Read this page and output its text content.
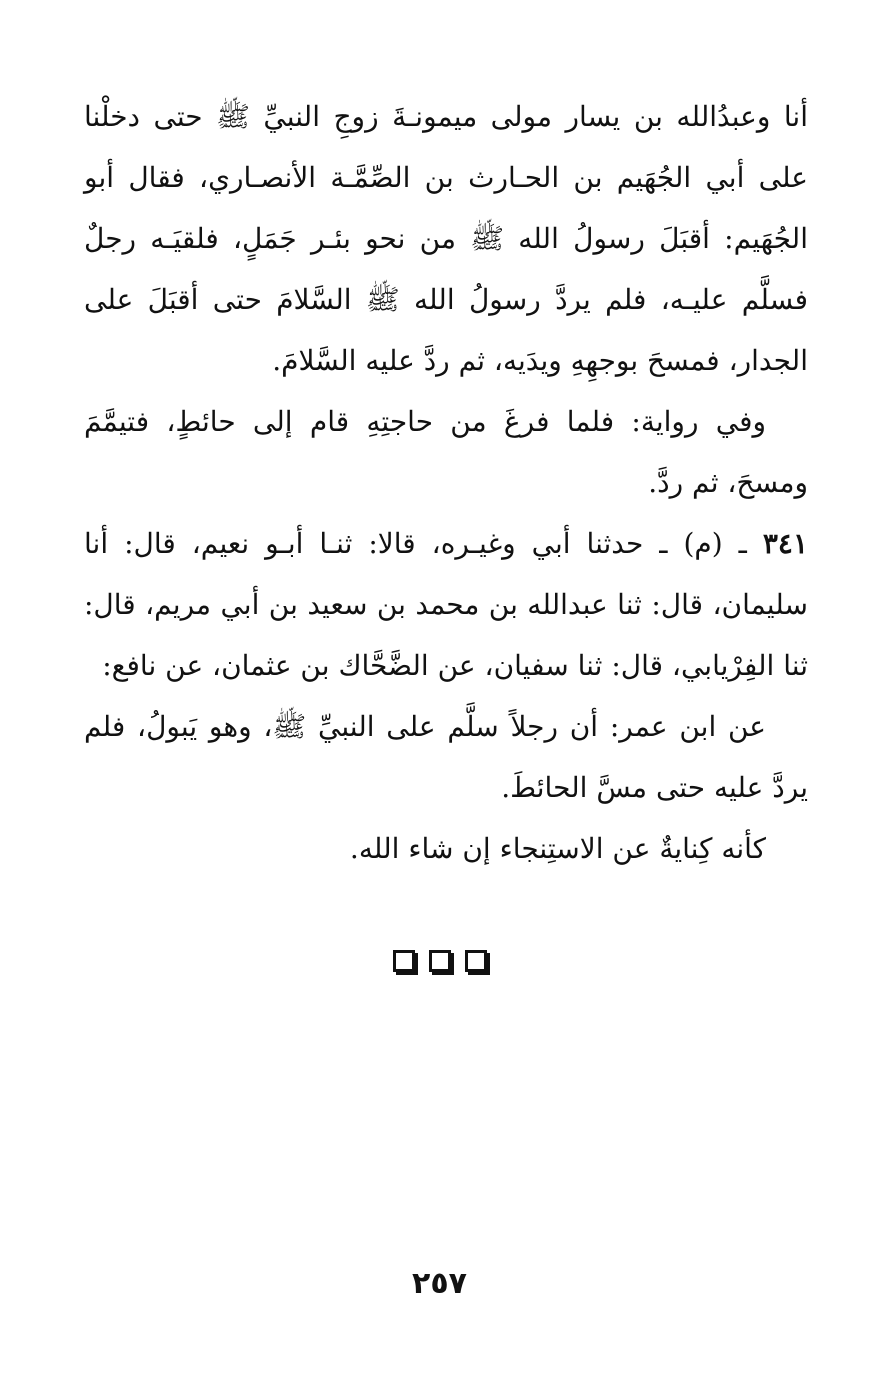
أنا وعبدُالله بن يسار مولى ميمونـةَ زوجِ النبيِّ ﷺ حتى دخلْنا على أبي الجُهَيم بن الحـارث بن الصِّمَّـة الأنصـاري، فقال أبو الجُهَيم: أقبَلَ رسولُ الله ﷺ من نحو بئـر جَمَلٍ، فلقيَـه رجلٌ فسلَّم عليـه، فلم يردَّ رسولُ الله ﷺ السَّلامَ حتى أقبَلَ على الجدار، فمسحَ بوجهِهِ ويدَيه، ثم ردَّ عليه السَّلامَ.

وفي رواية: فلما فرغَ من حاجتِهِ قام إلى حائطٍ، فتيمَّمَ ومسحَ، ثم ردَّ.

٣٤١ ـ (م) ـ حدثنا أبي وغيـره، قالا: ثنـا أبـو نعيم، قال: أنا سليمان، قال: ثنا عبدالله بن محمد بن سعيد بن أبي مريم، قال: ثنا الفِرْيابي، قال: ثنا سفيان، عن الضَّحَّاك بن عثمان، عن نافع:

عن ابن عمر: أن رجلاً سلَّم على النبيِّ ﷺ، وهو يَبولُ، فلم يردَّ عليه حتى مسَّ الحائطَ.

كأنه كِنايةٌ عن الاستِنجاء إن شاء الله.

٢٥٧
